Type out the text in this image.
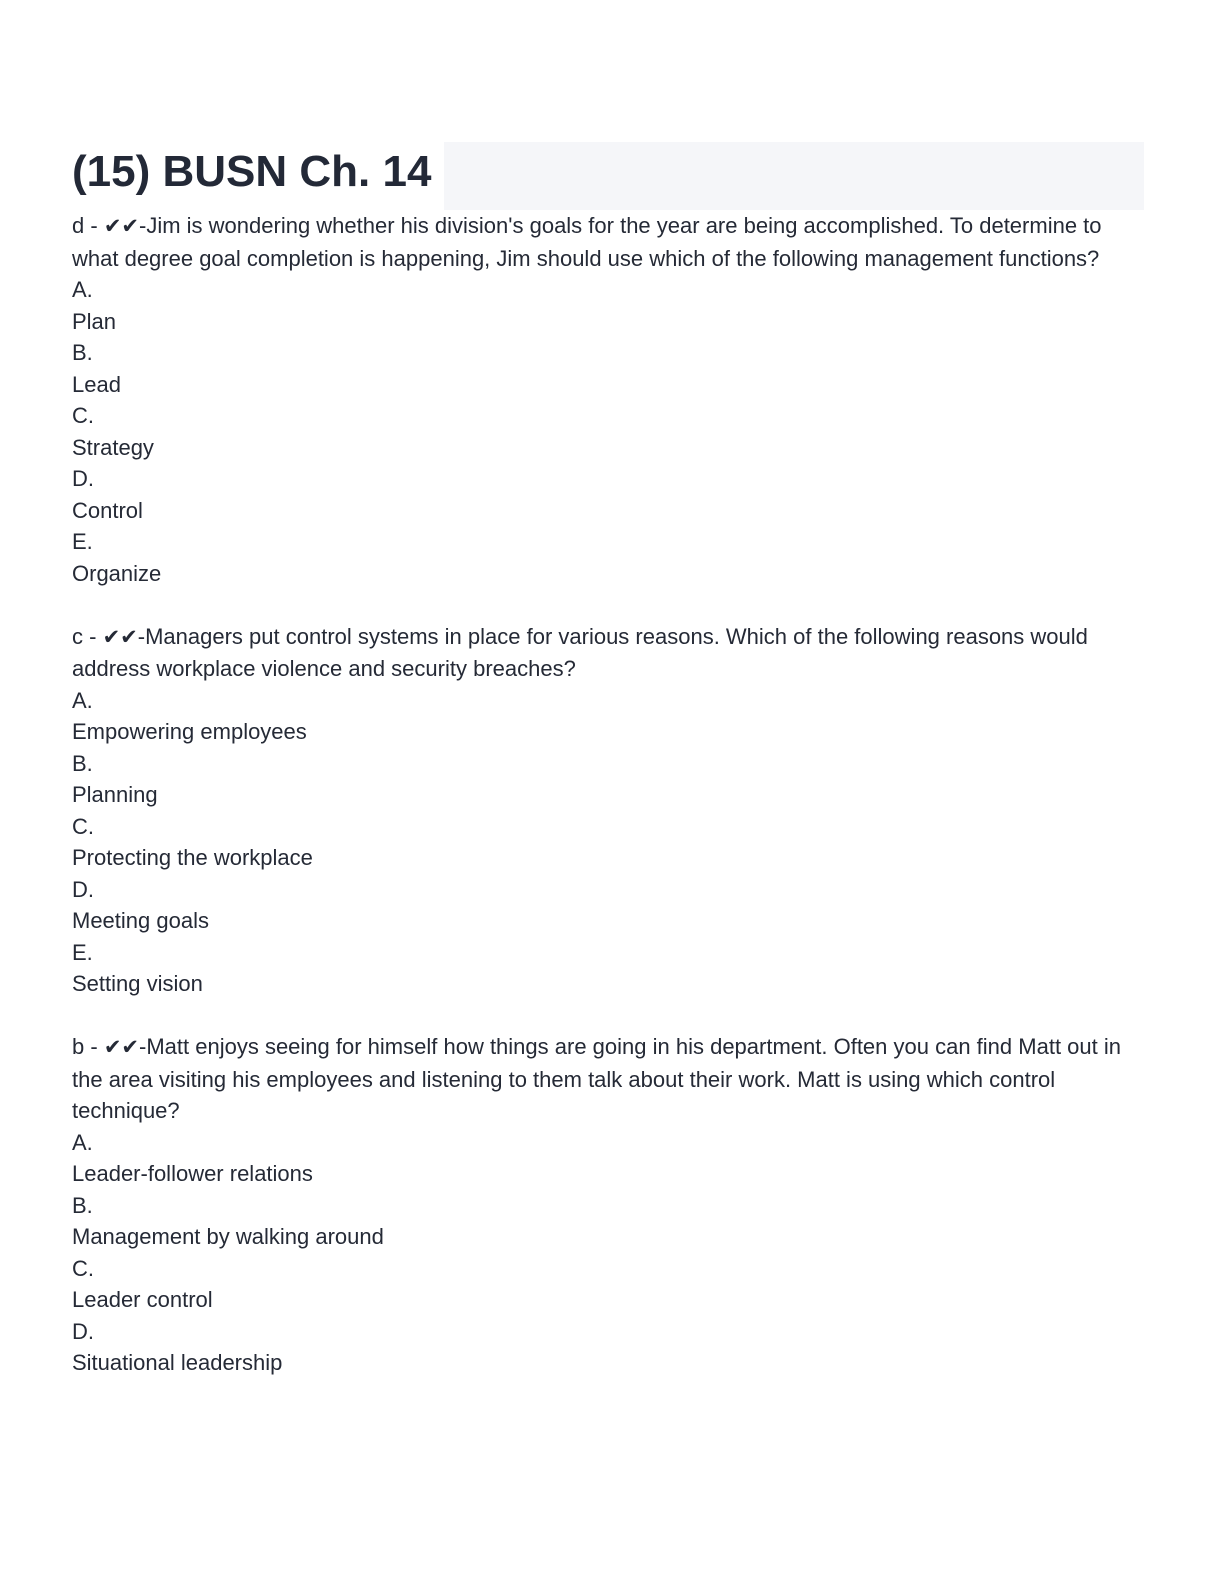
(15) BUSN Ch. 14

d - ✔✔-Jim is wondering whether his division's goals for the year are being accomplished. To determine to what degree goal completion is happening, Jim should use which of the following management functions?

A.
Plan
B.
Lead
C.
Strategy
D.
Control
E.
Organize

c - ✔✔-Managers put control systems in place for various reasons. Which of the following reasons would address workplace violence and security breaches?

A.
Empowering employees
B.
Planning
C.
Protecting the workplace
D.
Meeting goals
E.
Setting vision

b - ✔✔-Matt enjoys seeing for himself how things are going in his department. Often you can find Matt out in the area visiting his employees and listening to them talk about their work. Matt is using which control technique?

A.
Leader-follower relations
B.
Management by walking around
C.
Leader control
D.
Situational leadership
